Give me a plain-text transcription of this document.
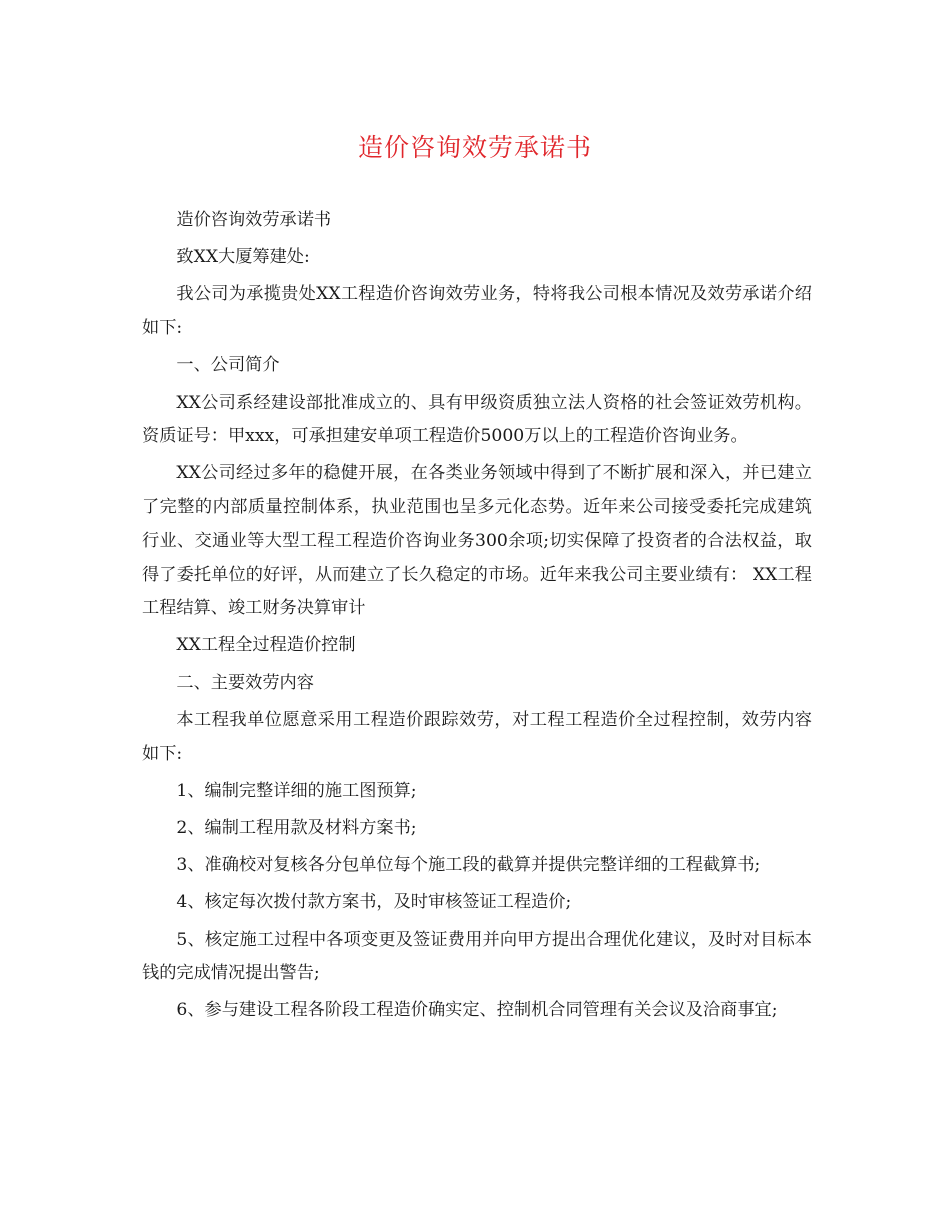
造价咨询效劳承诺书

造价咨询效劳承诺书

致XX大厦筹建处:

我公司为承揽贵处XX工程造价咨询效劳业务，特将我公司根本情况及效劳承诺介绍如下:

一、公司简介

XX公司系经建设部批准成立的、具有甲级资质独立法人资格的社会签证效劳机构。资质证号：甲xxx，可承担建安单项工程造价5000万以上的工程造价咨询业务。

XX公司经过多年的稳健开展，在各类业务领域中得到了不断扩展和深入，并已建立了完整的内部质量控制体系，执业范围也呈多元化态势。近年来公司接受委托完成建筑行业、交通业等大型工程工程造价咨询业务300余项;切实保障了投资者的合法权益，取得了委托单位的好评，从而建立了长久稳定的市场。近年来我公司主要业绩有： XX工程工程结算、竣工财务决算审计

XX工程全过程造价控制

二、主要效劳内容

本工程我单位愿意采用工程造价跟踪效劳，对工程工程造价全过程控制，效劳内容如下:

1、编制完整详细的施工图预算;

2、编制工程用款及材料方案书;

3、准确校对复核各分包单位每个施工段的截算并提供完整详细的工程截算书;

4、核定每次拨付款方案书，及时审核签证工程造价;

5、核定施工过程中各项变更及签证费用并向甲方提出合理优化建议，及时对目标本钱的完成情况提出警告;

6、参与建设工程各阶段工程造价确实定、控制机合同管理有关会议及洽商事宜;
